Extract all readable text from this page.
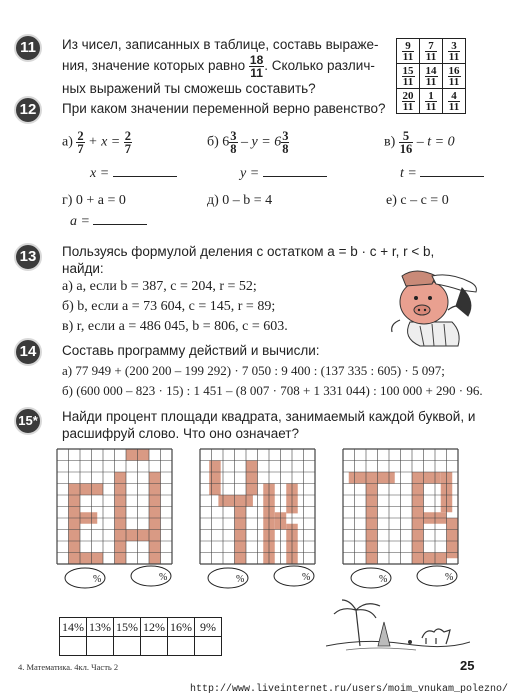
11	Из чисел, записанных в таблице, составь выраже-
ния, значение которых равно $\frac{18}{11}$ . Сколько различ-
ных выражений ты сможешь составить?
$\frac{9}{11}$	$\frac{7}{11}$	$\frac{3}{11}$

$\frac{15}{11}$	$\frac{14}{11}$	$\frac{16}{11}$

$\frac{20}{11}$	$\frac{1}{11}$	$\frac{4}{11}$
12	При каком значении переменной верно равенство?
$а) \frac{2}{7} + x = \frac{2}{7}$	б) $6 \frac{3}{8} - y = 6 \frac{3}{8}$	$в) \frac{5}{16} - t = 0$
x =	y =	t =
г) 0 + a = 0	д) 0 – b = 4	е) c – c = 0
a =
13	Пользуясь формулой деления с остатком a = b · c + r, r < b,
найди:
а) a, если b = 387, c = 204, r = 52;
б) b, если a = 73 604, c = 145, r = 89;
в) r, если a = 486 045, b = 806, c = 603.
14	Составь программу действий и вычисли:
а) 77 949 + (200 200 – 199 292) · 7 050 : 9 400 : (137 335 : 605) · 5 097;
б) (600 000 – 823 · 15) : 1 451 – (8 007 · 708 + 1 331 044) : 100 000 + 290 · 96.
15*	Найди процент площади квадрата, занимаемый каждой буквой, и
расшифруй слово. Что оно означает?
%	%	%	%	%	%
14%	13%	15%	12%	16%	9%

4. Математика. 4кл. Часть 2	25
http://www.liveinternet.ru/users/moim_vnukam_polezno/
